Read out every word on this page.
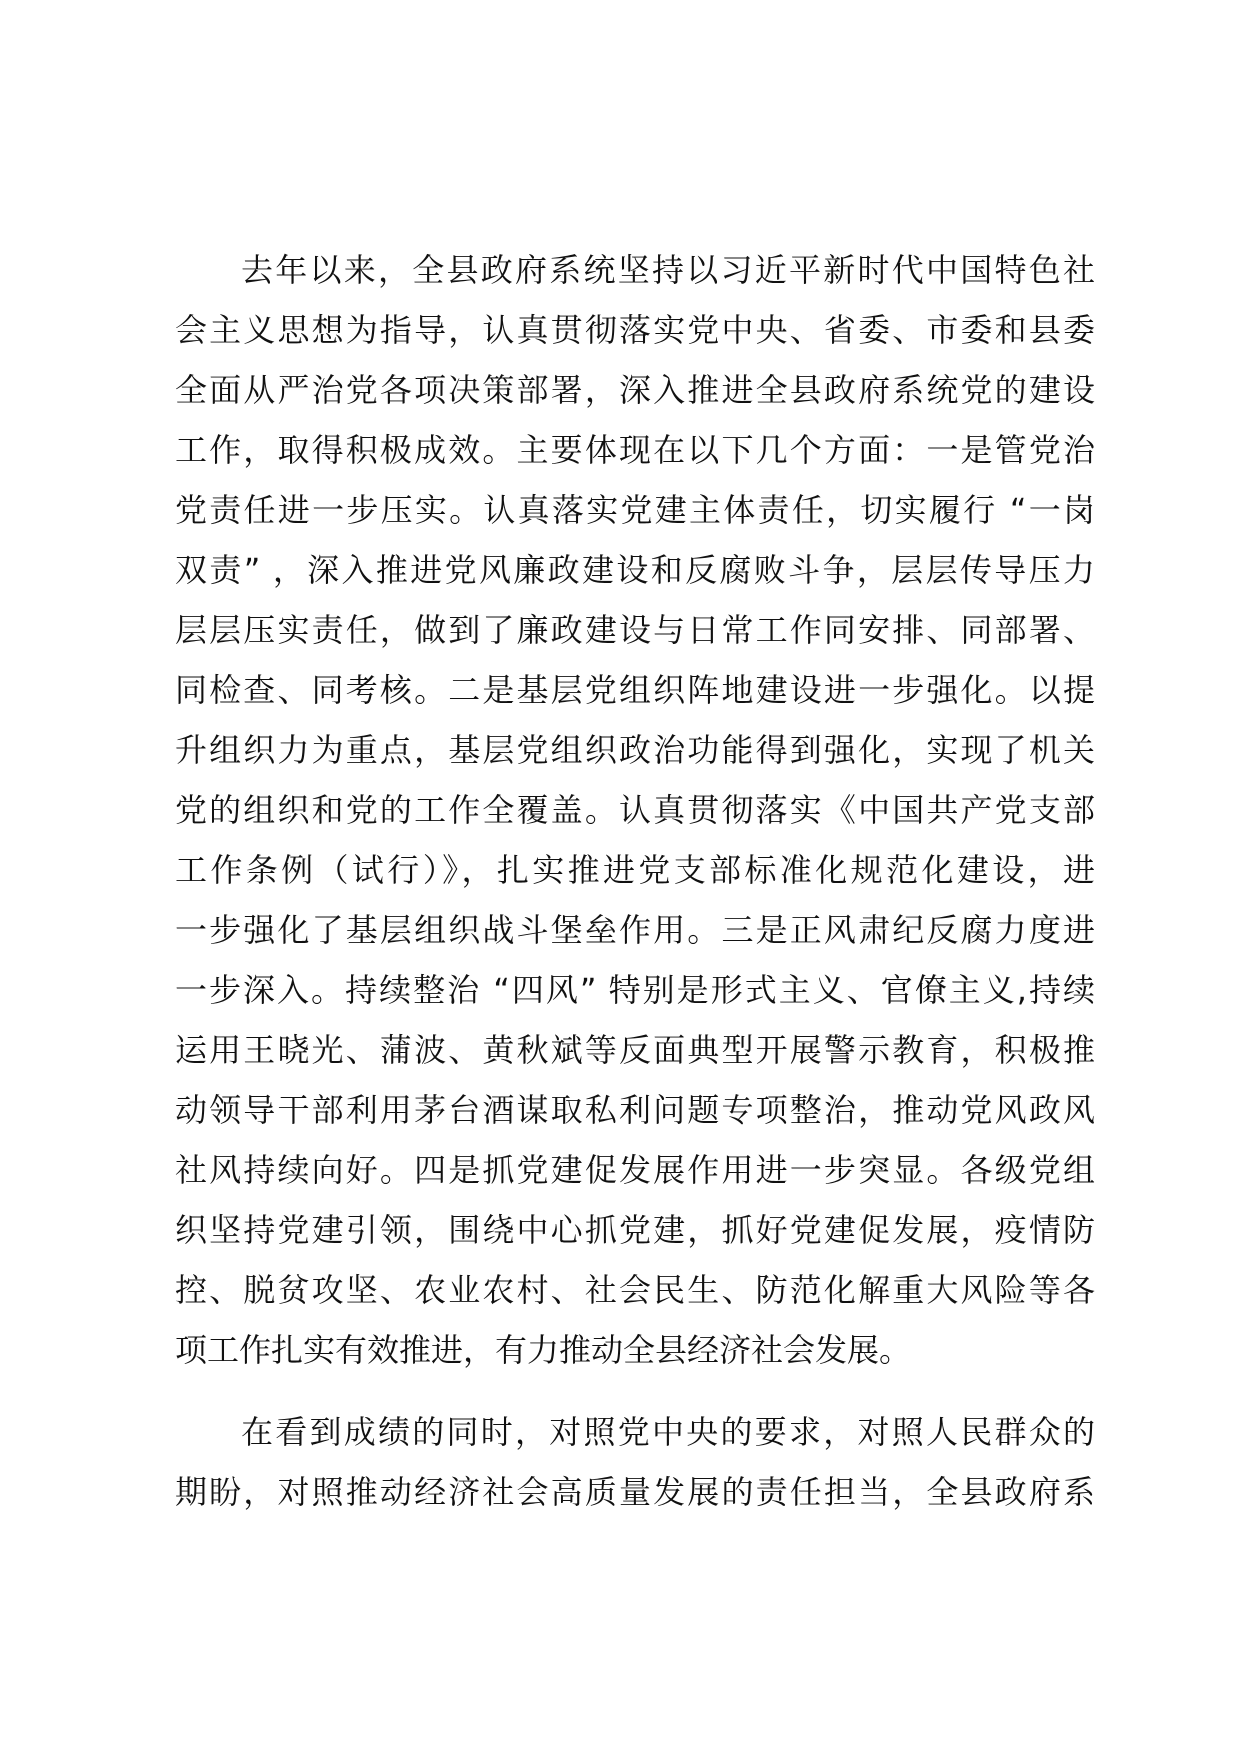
去年以来，全县政府系统坚持以习近平新时代中国特色社
会主义思想为指导，认真贯彻落实党中央、省委、市委和县委
全面从严治党各项决策部署，深入推进全县政府系统党的建设
工作，取得积极成效。主要体现在以下几个方面：一是管党治
党责任进一步压实。认真落实党建主体责任，切实履行 “一岗
双责” ，深入推进党风廉政建设和反腐败斗争，层层传导压力
层层压实责任，做到了廉政建设与日常工作同安排、同部署、
同检查、同考核。二是基层党组织阵地建设进一步强化。以提
升组织力为重点，基层党组织政治功能得到强化，实现了机关
党的组织和党的工作全覆盖。认真贯彻落实《中国共产党支部
工作条例（试行）》，扎实推进党支部标准化规范化建设，进
一步强化了基层组织战斗堡垒作用。三是正风肃纪反腐力度进
一步深入。持续整治 “四风” 特别是形式主义、官僚主义,持续
运用王晓光、蒲波、黄秋斌等反面典型开展警示教育，积极推
动领导干部利用茅台酒谋取私利问题专项整治，推动党风政风
社风持续向好。四是抓党建促发展作用进一步突显。各级党组
织坚持党建引领，围绕中心抓党建，抓好党建促发展，疫情防
控、脱贫攻坚、农业农村、社会民生、防范化解重大风险等各
项工作扎实有效推进，有力推动全县经济社会发展。
在看到成绩的同时，对照党中央的要求，对照人民群众的
期盼，对照推动经济社会高质量发展的责任担当，全县政府系
